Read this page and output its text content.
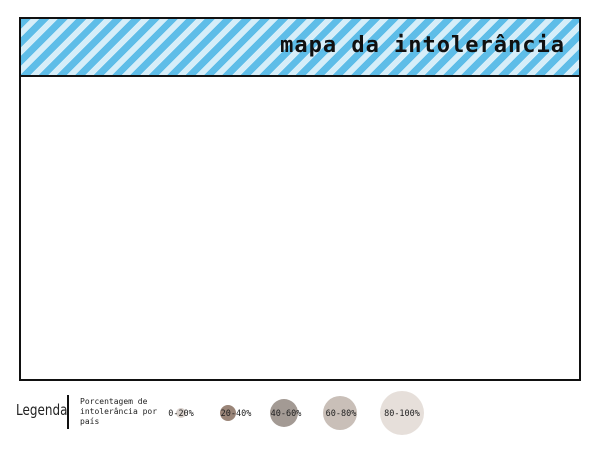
mapa da intolerância
Legenda Porcentagem de intolerância por país
0-20%	20-40% 40-60%	60-80%	80-100%
